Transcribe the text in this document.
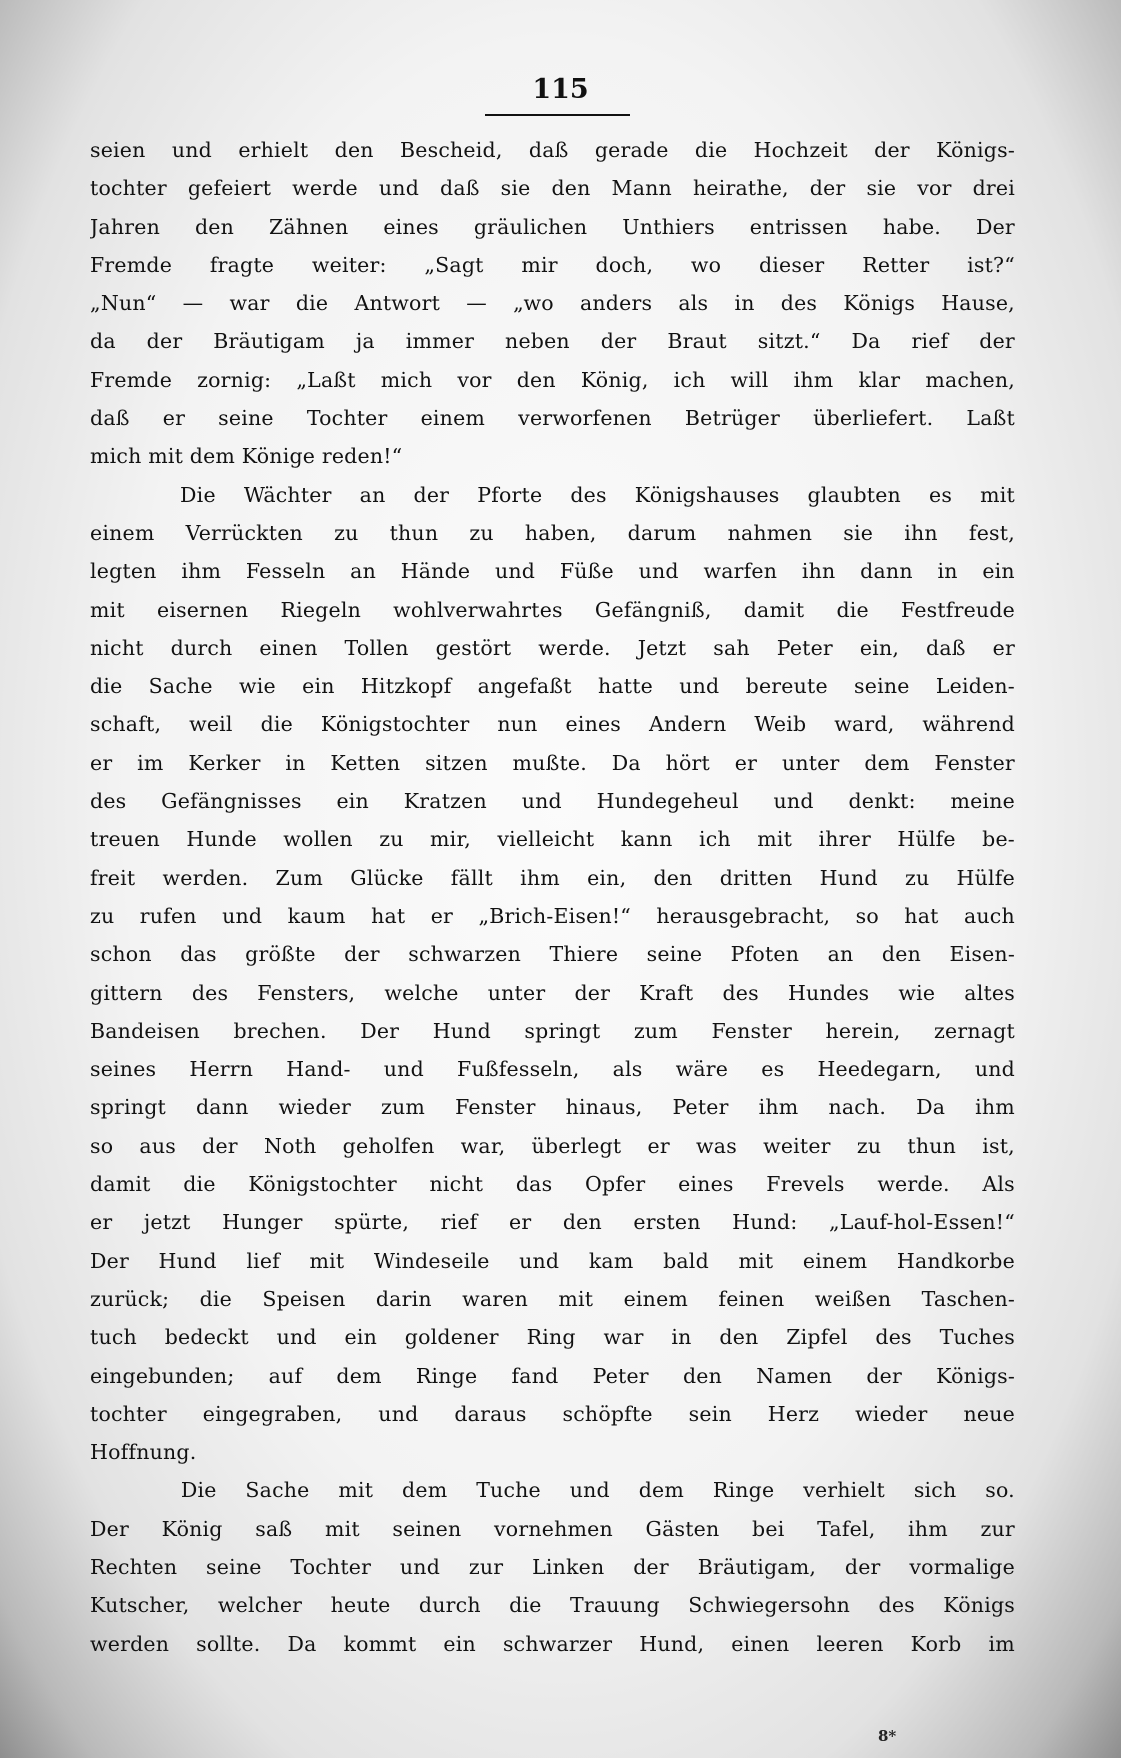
115
seien und erhielt den Bescheid, daß gerade die Hochzeit der Königs-
tochter gefeiert werde und daß sie den Mann heirathe, der sie vor drei
Jahren den Zähnen eines gräulichen Unthiers entrissen habe. Der
Fremde fragte weiter: „Sagt mir doch, wo dieser Retter ist?“
„Nun“ — war die Antwort — „wo anders als in des Königs Hause,
da der Bräutigam ja immer neben der Braut sitzt.“ Da rief der
Fremde zornig: „Laßt mich vor den König, ich will ihm klar machen,
daß er seine Tochter einem verworfenen Betrüger überliefert. Laßt
mich mit dem Könige reden!“
Die Wächter an der Pforte des Königshauses glaubten es mit
einem Verrückten zu thun zu haben, darum nahmen sie ihn fest,
legten ihm Fesseln an Hände und Füße und warfen ihn dann in ein
mit eisernen Riegeln wohlverwahrtes Gefängniß, damit die Festfreude
nicht durch einen Tollen gestört werde. Jetzt sah Peter ein, daß er
die Sache wie ein Hitzkopf angefaßt hatte und bereute seine Leiden-
schaft, weil die Königstochter nun eines Andern Weib ward, während
er im Kerker in Ketten sitzen mußte. Da hört er unter dem Fenster
des Gefängnisses ein Kratzen und Hundegeheul und denkt: meine
treuen Hunde wollen zu mir, vielleicht kann ich mit ihrer Hülfe be-
freit werden. Zum Glücke fällt ihm ein, den dritten Hund zu Hülfe
zu rufen und kaum hat er „Brich-Eisen!“ herausgebracht, so hat auch
schon das größte der schwarzen Thiere seine Pfoten an den Eisen-
gittern des Fensters, welche unter der Kraft des Hundes wie altes
Bandeisen brechen. Der Hund springt zum Fenster herein, zernagt
seines Herrn Hand- und Fußfesseln, als wäre es Heedegarn, und
springt dann wieder zum Fenster hinaus, Peter ihm nach. Da ihm
so aus der Noth geholfen war, überlegt er was weiter zu thun ist,
damit die Königstochter nicht das Opfer eines Frevels werde. Als
er jetzt Hunger spürte, rief er den ersten Hund: „Lauf-hol-Essen!“
Der Hund lief mit Windeseile und kam bald mit einem Handkorbe
zurück; die Speisen darin waren mit einem feinen weißen Taschen-
tuch bedeckt und ein goldener Ring war in den Zipfel des Tuches
eingebunden; auf dem Ringe fand Peter den Namen der Königs-
tochter eingegraben, und daraus schöpfte sein Herz wieder neue
Hoffnung.
Die Sache mit dem Tuche und dem Ringe verhielt sich so.
Der König saß mit seinen vornehmen Gästen bei Tafel, ihm zur
Rechten seine Tochter und zur Linken der Bräutigam, der vormalige
Kutscher, welcher heute durch die Trauung Schwiegersohn des Königs
werden sollte. Da kommt ein schwarzer Hund, einen leeren Korb im
8*
